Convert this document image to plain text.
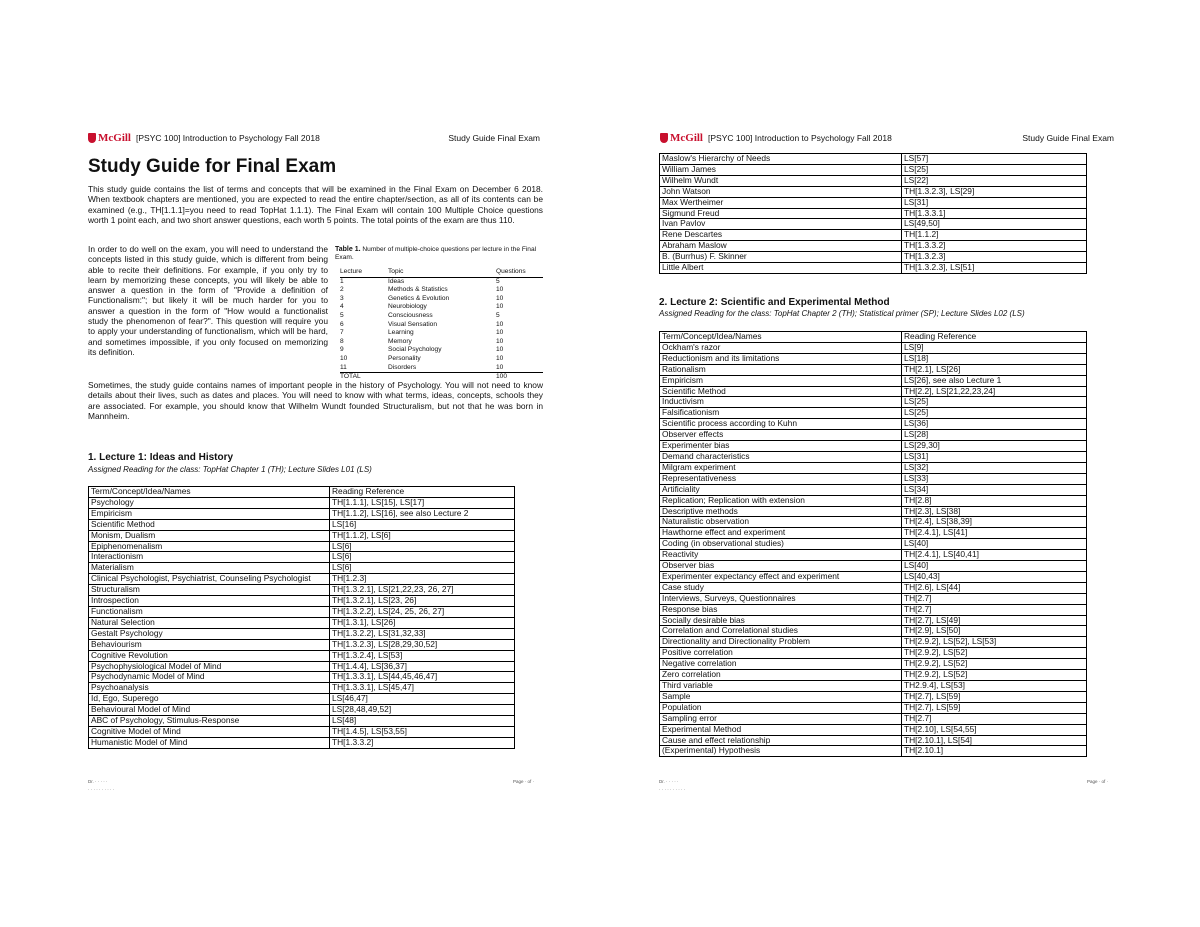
McGill [PSYC 100] Introduction to Psychology Fall 2018	Study Guide Final Exam
Study Guide for Final Exam
This study guide contains the list of terms and concepts that will be examined in the Final Exam on December 6 2018. When textbook chapters are mentioned, you are expected to read the entire chapter/section, as all of its contents can be examined (e.g., TH[1.1.1]=you need to read TopHat 1.1.1). The Final Exam will contain 100 Multiple Choice questions worth 1 point each, and two short answer questions, each worth 5 points. The total points of the exam are thus 110.
In order to do well on the exam, you will need to understand the concepts listed in this study guide, which is different from being able to recite their definitions. For example, if you only try to learn by memorizing these concepts, you will likely be able to answer a question in the form of "Provide a definition of Functionalism:"; but likely it will be much harder for you to answer a question in the form of "How would a functionalist study the phenomenon of fear?". This question will require you to apply your understanding of functionalism, which will be hard, and sometimes impossible, if you only focused on memorizing its definition.
Table 1. Number of multiple-choice questions per lecture in the Final Exam.
Lecture	Topic	Questions
1	Ideas	5
2	Methods & Statistics	10
3	Genetics & Evolution	10
4	Neurobiology	10
5	Consciousness	5
6	Visual Sensation	10
7	Learning	10
8	Memory	10
9	Social Psychology	10
10	Personality	10
11	Disorders	10
TOTAL		100
Sometimes, the study guide contains names of important people in the history of Psychology. You will not need to know details about their lives, such as dates and places. You will need to know with what terms, ideas, concepts, schools they are associated. For example, you should know that Wilhelm Wundt founded Structuralism, but not that he was born in Mannheim.
1. Lecture 1: Ideas and History
Assigned Reading for the class: TopHat Chapter 1 (TH); Lecture Slides L01 (LS)
Term/Concept/Idea/Names	Reading Reference
Psychology	TH[1.1.1], LS[15], LS[17]
Empiricism	TH[1.1.2], LS[16], see also Lecture 2
Scientific Method	LS[16]
Monism, Dualism	TH[1.1.2], LS[6]
Epiphenomenalism	LS[6]
Interactionism	LS[6]
Materialism	LS[6]
Clinical Psychologist, Psychiatrist, Counseling Psychologist	TH[1.2.3]
Structuralism	TH[1.3.2.1], LS[21,22,23, 26, 27]
Introspection	TH[1.3.2.1], LS[23, 26]
Functionalism	TH[1.3.2.2], LS[24, 25, 26, 27]
Natural Selection	TH[1.3.1], LS[26]
Gestalt Psychology	TH[1.3.2.2], LS[31,32,33]
Behaviourism	TH[1.3.2.3], LS[28,29,30,52]
Cognitive Revolution	TH[1.3.2.4], LS[53]
Psychophysiological Model of Mind	TH[1.4.4], LS[36,37]
Psychodynamic Model of Mind	TH[1.3.3.1], LS[44,45,46,47]
Psychoanalysis	TH[1.3.3.1], LS[45,47]
Id, Ego, Superego	LS[46,47]
Behavioural Model of Mind	LS[28,48,49,52]
ABC of Psychology, Stimulus-Response	LS[48]
Cognitive Model of Mind	TH[1.4.5], LS[53,55]
Humanistic Model of Mind	TH[1.3.3.2]
Dr. · · · · ·
· · · · · · · · · ·
Page · of ·
McGill [PSYC 100] Introduction to Psychology Fall 2018	Study Guide Final Exam
Dr. · · · · ·
· · · · · · · · · ·
Maslow's Hierarchy of Needs	LS[57]
William James	LS[25]
Wilhelm Wundt	LS[22]
John Watson	TH[1.3.2.3], LS[29]
Max Wertheimer	LS[31]
Sigmund Freud	TH[1.3.3.1]
Ivan Pavlov	LS[49,50]
Rene Descartes	TH[1.1.2]
Abraham Maslow	TH[1.3.3.2]
B. (Burrhus) F. Skinner	TH[1.3.2.3]
Little Albert	TH[1.3.2.3], LS[51]
2. Lecture 2: Scientific and Experimental Method
Assigned Reading for the class: TopHat Chapter 2 (TH); Statistical primer (SP); Lecture Slides L02 (LS)
Term/Concept/Idea/Names	Reading Reference
Ockham's razor	LS[9]
Reductionism and its limitations	LS[18]
Rationalism	TH[2.1], LS[26]
Empiricism	LS[26], see also Lecture 1
Scientific Method	TH[2.2], LS[21,22,23,24]
Inductivism	LS[25]
Falsificationism	LS[25]
Scientific process according to Kuhn	LS[36]
Observer effects	LS[28]
Experimenter bias	LS[29,30]
Demand characteristics	LS[31]
Milgram experiment	LS[32]
Representativeness	LS[33]
Artificiality	LS[34]
Replication; Replication with extension	TH[2.8]
Descriptive methods	TH[2.3], LS[38]
Naturalistic observation	TH[2.4], LS[38,39]
Hawthorne effect and experiment	TH[2.4.1], LS[41]
Coding (in observational studies)	LS[40]
Reactivity	TH[2.4.1], LS[40,41]
Observer bias	LS[40]
Experimenter expectancy effect and experiment	LS[40,43]
Case study	TH[2.6], LS[44]
Interviews, Surveys, Questionnaires	TH[2.7]
Response bias	TH[2.7]
Socially desirable bias	TH[2.7], LS[49]
Correlation and Correlational studies	TH[2.9], LS[50]
Directionality and Directionality Problem	TH[2.9.2], LS[52], LS[53]
Positive correlation	TH[2.9.2], LS[52]
Negative correlation	TH[2.9.2], LS[52]
Zero correlation	TH[2.9.2], LS[52]
Third variable	TH2.9.4], LS[53]
Sample	TH[2.7], LS[59]
Population	TH[2.7], LS[59]
Sampling error	TH[2.7]
Experimental Method	TH[2.10], LS[54,55]
Cause and effect relationship	TH[2.10.1], LS[54]
(Experimental) Hypothesis	TH[2.10.1]
Page · of ·
